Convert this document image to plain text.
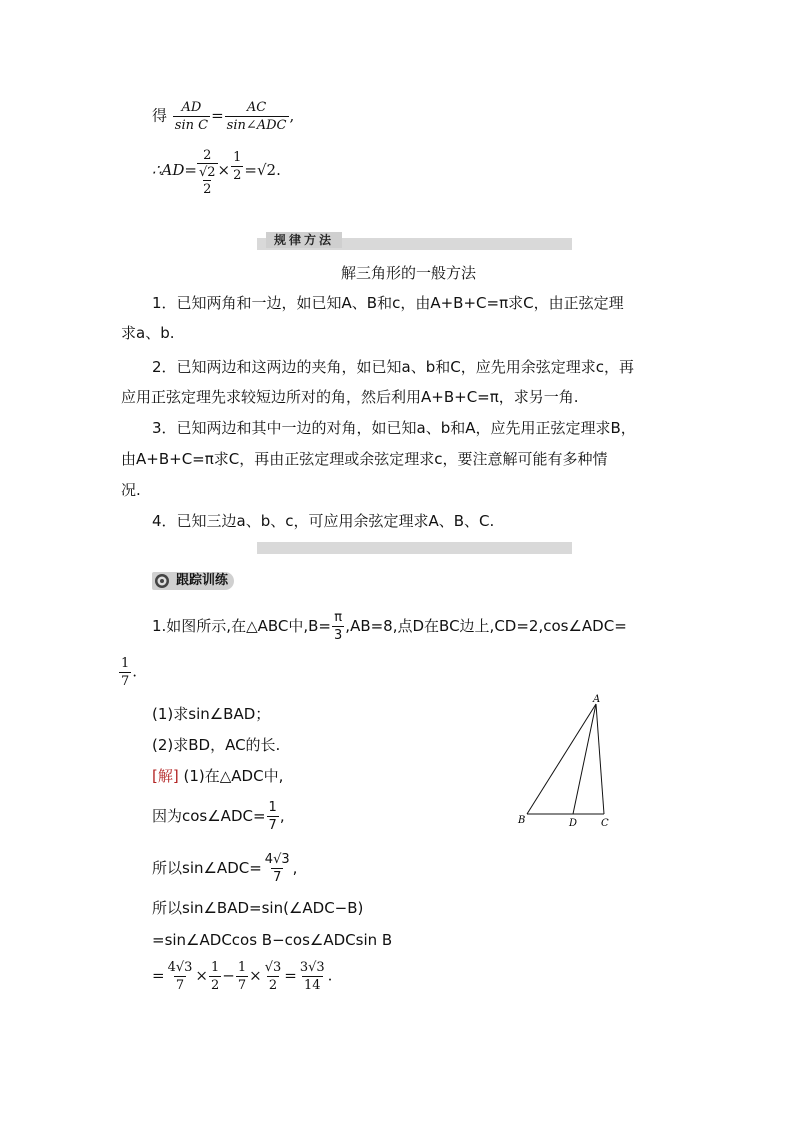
得 $\frac{AD}{\text{sin C}} = \frac{AC}{\text{sin∠ADC}}$ ,
∴AD= $\frac{2}{\frac{√2}{2}} \times \frac{1}{2} =√2$.
规律方法
解三角形的一般方法
1．已知两角和一边，如已知A、B和c，由A+B+C=π求C，由正弦定理
求a、b.
2．已知两边和这两边的夹角，如已知a、b和C，应先用余弦定理求c，再
应用正弦定理先求较短边所对的角，然后利用A+B+C=π，求另一角.
3．已知两边和其中一边的对角，如已知a、b和A，应先用正弦定理求B，
由A+B+C=π求C，再由正弦定理或余弦定理求c，要注意解可能有多种情
况.
4．已知三边a、b、c，可应用余弦定理求A、B、C.
跟踪训练
1.如图所示,在△ABC中$,B= \frac{\pi}{3} ,AB=8$,点D在BC边上,CD=2,cos∠ADC=
$\frac{1}{7}$ .
(1)求sin∠BAD；
(2)求BD，AC的长.
[解] (1)在△ADC中,
因为cos∠ADC= $\frac{1}{7}$ ,
所以sin∠ADC= $\frac{4√3}{7}$ ,
所以sin∠BAD=sin(∠ADC−B)
=sin∠ADCcos B−cos∠ADCsin B
= $\frac{4√3}{7} \times \frac{1}{2} - \frac{1}{7} \times \frac{√3}{2} = \frac{3√3}{14}$ .
A
B	D C
